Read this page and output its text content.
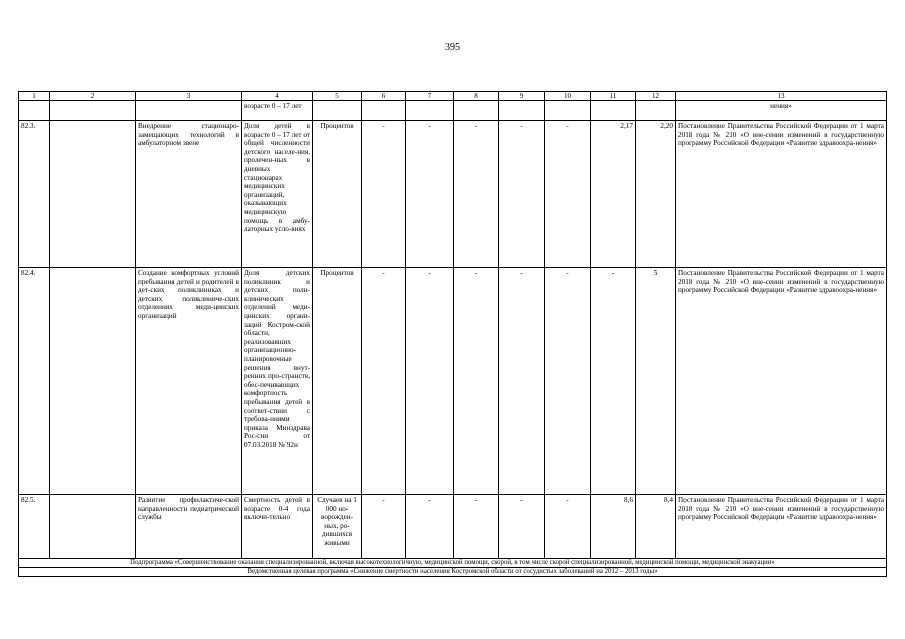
395
1	2	3	4	5	6	7	8	9	10	11	12	13
			возрасте 0 – 17 лет									нения»
82.3.		Внедрение стационаро-замещающих технологий в амбулаторном звене	Доля детей в возрасте 0 – 17 лет от общей численности детского населе-ния, пролечен-ных в дневных стационарах медицинских организаций, оказывающих медицинскую помощь в амбу-латорных усло-виях	Процентов	-	-	-	-	-	2,17	2,20	Постановление Правительства Российской Федерации от 1 марта 2018 года № 210 «О вне-сении изменений в государственную программу Российской Федерации «Развитие здравоохра-нения»
82.4.		Создание комфортных условий пребывания детей и родителей в дет-ских поликлиниках и детских поликлиниче-ских отделениях меди-цинских организаций	Доля детских поликлиник и детских поли-клинических отделений меди-цинских органи-заций Костром-ской области, реализовавших организационно-планировочные решения внут-ренних про-странств, обес-печивающих комфортность пребывания детей в соответ-ствии с требова-ниями приказа Минздрава Рос-сии от 07.03.2018 № 92н	Процентов	-	-	-	-	-	-	5	Постановление Правительства Российской Федерации от 1 марта 2018 года № 210 «О вне-сении изменений в государственную программу Российской Федерации «Развитие здравоохра-нения»
82.5.		Развитие профилактиче-ской направленности педиатрической службы	Смертность детей в возрасте 0-4 года включи-тельно	Случаев на 1 000 но-ворожден-ных, ро-дившихся живыми	-	-	-	-	-	8,6	8,4	Постановление Правительства Российской Федерации от 1 марта 2018 года № 210 «О вне-сении изменений в государственную программу Российской Федерации «Развитие здравоохра-нения»
Подпрограмма «Совершенствование оказания специализированной, включая высокотехнологичную, медицинской помощи, скорой, в том числе скорой специализированной, медицинской помощи, медицинской эвакуации»												
Ведомственная целевая программа «Снижение смертности населения Костромской области от сосудистых заболеваний на 2012 – 2013 годы»												
